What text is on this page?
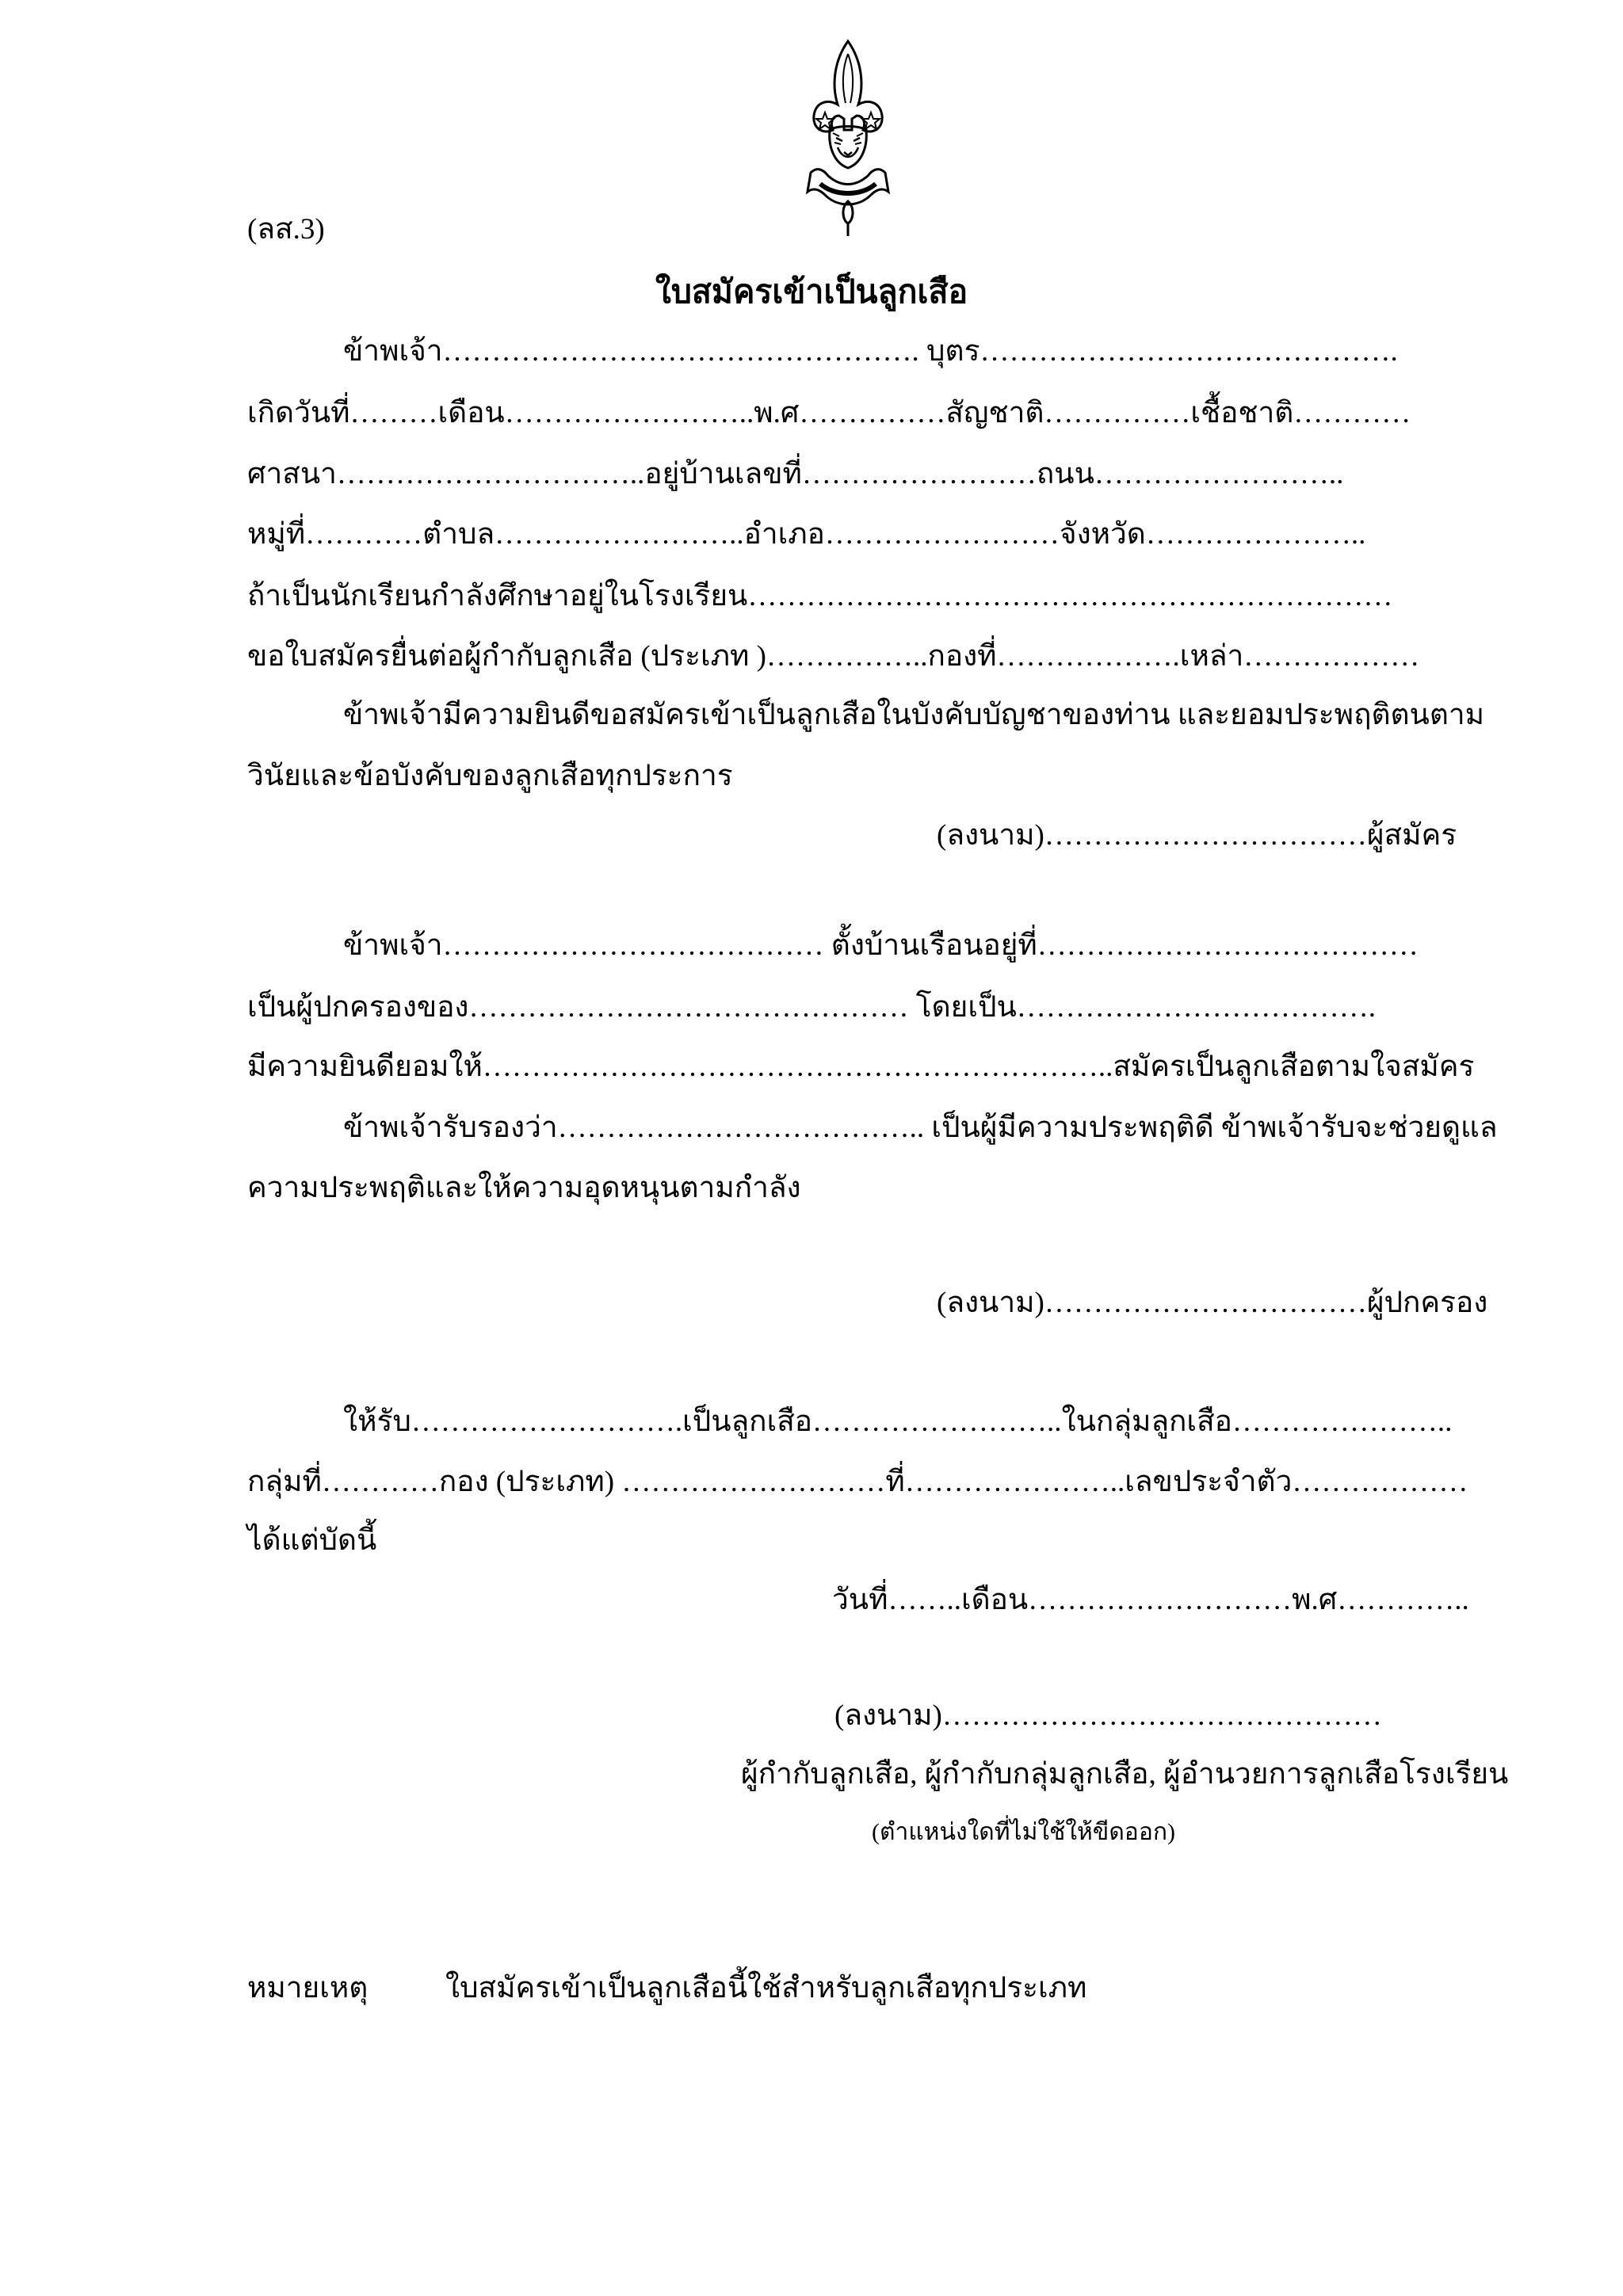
(ลส.3)
ใบสมัครเข้าเป็นลูกเสือ
ข้าพเจ้า…………………………………………. บุตร…………………………………….
เกิดวันที่………เดือน……………………..พ.ศ……………สัญชาติ……………เชื้อชาติ…………
ศาสนา…………………………..อยู่บ้านเลขที่……………………ถนน……………………..
หมู่ที่…………ตำบล……………………..อำเภอ……………………จังหวัด…………………..
ถ้าเป็นนักเรียนกำลังศึกษาอยู่ในโรงเรียน…………………………………………………………
ขอใบสมัครยื่นต่อผู้กำกับลูกเสือ (ประเภท )……………..กองที่……………….เหล่า………………
ข้าพเจ้ามีความยินดีขอสมัครเข้าเป็นลูกเสือในบังคับบัญชาของท่าน และยอมประพฤติตนตาม
วินัยและข้อบังคับของลูกเสือทุกประการ
(ลงนาม)……………………………ผู้สมัคร
ข้าพเจ้า………………………………… ตั้งบ้านเรือนอยู่ที่…………………………………
เป็นผู้ปกครองของ……………………………………… โดยเป็น……………………………….
มีความยินดียอมให้………………………………………………………..สมัครเป็นลูกเสือตามใจสมัคร
ข้าพเจ้ารับรองว่า……………………………….. เป็นผู้มีความประพฤติดี ข้าพเจ้ารับจะช่วยดูแล
ความประพฤติและให้ความอุดหนุนตามกำลัง
(ลงนาม)……………………………ผู้ปกครอง
ให้รับ……………………….เป็นลูกเสือ……………………..ในกลุ่มลูกเสือ…………………..
กลุ่มที่…………กอง (ประเภท) ………………………ที่…………………..เลขประจำตัว………………
ได้แต่บัดนี้
วันที่……..เดือน………………………พ.ศ…………..
(ลงนาม)………………………………………
ผู้กำกับลูกเสือ, ผู้กำกับกลุ่มลูกเสือ, ผู้อำนวยการลูกเสือโรงเรียน
(ตำแหน่งใดที่ไม่ใช้ให้ขีดออก)
หมายเหตุ	ใบสมัครเข้าเป็นลูกเสือนี้ใช้สำหรับลูกเสือทุกประเภท
